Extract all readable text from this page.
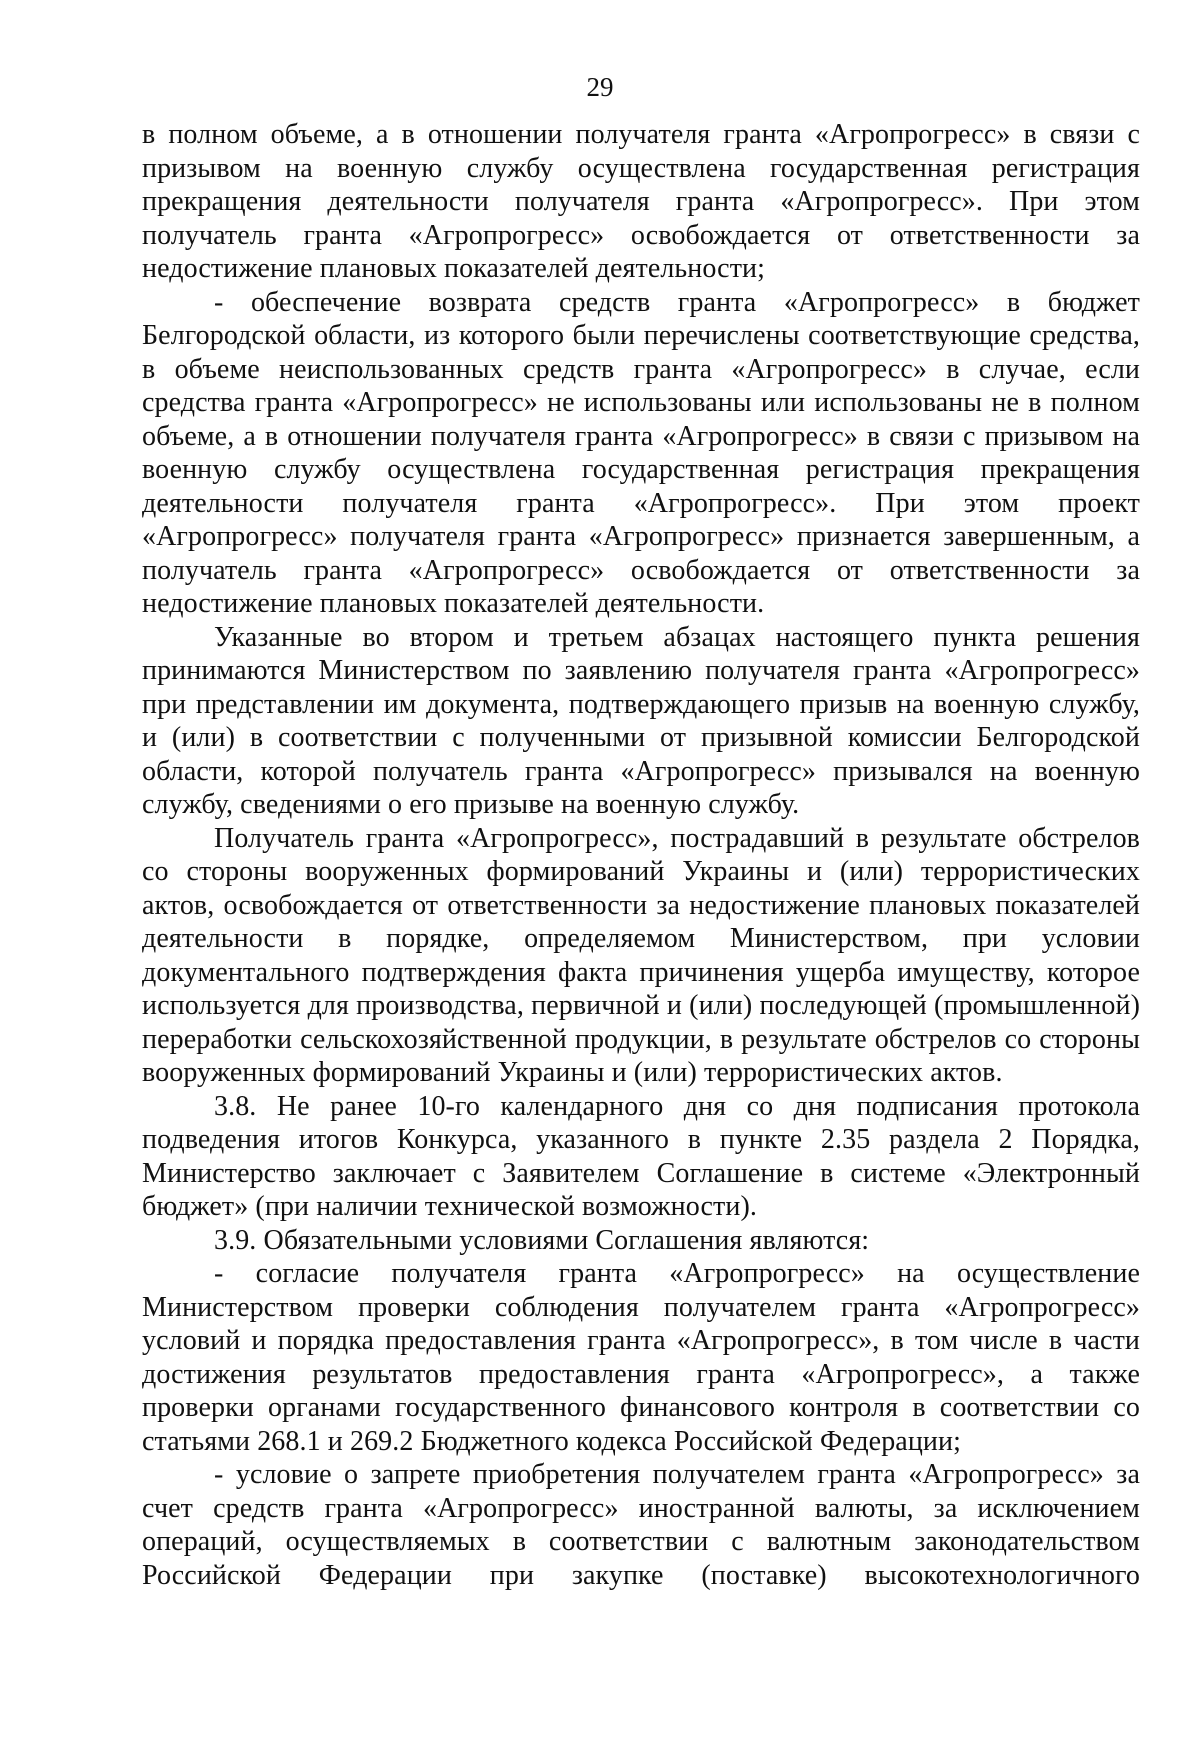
29

в полном объеме, а в отношении получателя гранта «Агропрогресс» в связи с призывом на военную службу осуществлена государственная регистрация прекращения деятельности получателя гранта «Агропрогресс». При этом получатель гранта «Агропрогресс» освобождается от ответственности за недостижение плановых показателей деятельности;

- обеспечение возврата средств гранта «Агропрогресс» в бюджет Белгородской области, из которого были перечислены соответствующие средства, в объеме неиспользованных средств гранта «Агропрогресс» в случае, если средства гранта «Агропрогресс» не использованы или использованы не в полном объеме, а в отношении получателя гранта «Агропрогресс» в связи с призывом на военную службу осуществлена государственная регистрация прекращения деятельности получателя гранта «Агропрогресс». При этом проект «Агропрогресс» получателя гранта «Агропрогресс» признается завершенным, а получатель гранта «Агропрогресс» освобождается от ответственности за недостижение плановых показателей деятельности.

Указанные во втором и третьем абзацах настоящего пункта решения принимаются Министерством по заявлению получателя гранта «Агропрогресс» при представлении им документа, подтверждающего призыв на военную службу, и (или) в соответствии с полученными от призывной комиссии Белгородской области, которой получатель гранта «Агропрогресс» призывался на военную службу, сведениями о его призыве на военную службу.

Получатель гранта «Агропрогресс», пострадавший в результате обстрелов со стороны вооруженных формирований Украины и (или) террористических актов, освобождается от ответственности за недостижение плановых показателей деятельности в порядке, определяемом Министерством, при условии документального подтверждения факта причинения ущерба имуществу, которое используется для производства, первичной и (или) последующей (промышленной) переработки сельскохозяйственной продукции, в результате обстрелов со стороны вооруженных формирований Украины и (или) террористических актов.

3.8. Не ранее 10-го календарного дня со дня подписания протокола подведения итогов Конкурса, указанного в пункте 2.35 раздела 2 Порядка, Министерство заключает с Заявителем Соглашение в системе «Электронный бюджет» (при наличии технической возможности).

3.9. Обязательными условиями Соглашения являются:

- согласие получателя гранта «Агропрогресс» на осуществление Министерством проверки соблюдения получателем гранта «Агропрогресс» условий и порядка предоставления гранта «Агропрогресс», в том числе в части достижения результатов предоставления гранта «Агропрогресс», а также проверки органами государственного финансового контроля в соответствии со статьями 268.1 и 269.2 Бюджетного кодекса Российской Федерации;

- условие о запрете приобретения получателем гранта «Агропрогресс» за счет средств гранта «Агропрогресс» иностранной валюты, за исключением операций, осуществляемых в соответствии с валютным законодательством Российской Федерации при закупке (поставке) высокотехнологичного
